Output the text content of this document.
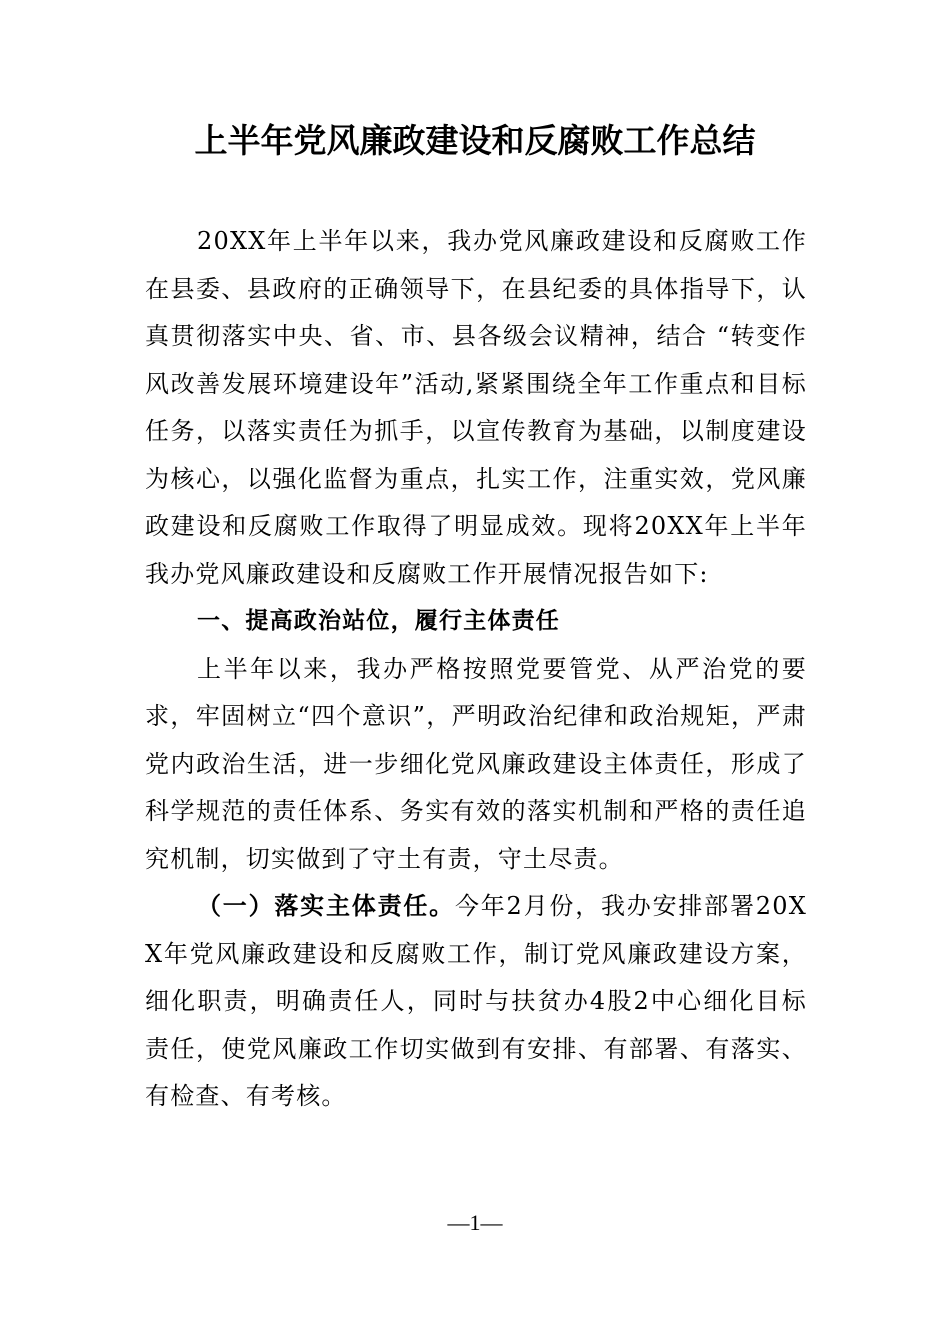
上半年党风廉政建设和反腐败工作总结

20XX年上半年以来，我办党风廉政建设和反腐败工作在县委、县政府的正确领导下，在县纪委的具体指导下，认真贯彻落实中央、省、市、县各级会议精神，结合 “转变作风改善发展环境建设年”活动,紧紧围绕全年工作重点和目标任务，以落实责任为抓手，以宣传教育为基础，以制度建设为核心，以强化监督为重点，扎实工作，注重实效，党风廉政建设和反腐败工作取得了明显成效。现将20XX年上半年我办党风廉政建设和反腐败工作开展情况报告如下:

一、提高政治站位，履行主体责任

上半年以来，我办严格按照党要管党、从严治党的要求，牢固树立“四个意识”，严明政治纪律和政治规矩，严肃党内政治生活，进一步细化党风廉政建设主体责任，形成了科学规范的责任体系、务实有效的落实机制和严格的责任追究机制，切实做到了守土有责，守土尽责。

（一）落实主体责任。今年2月份，我办安排部署20XX年党风廉政建设和反腐败工作，制订党风廉政建设方案，细化职责，明确责任人，同时与扶贫办4股2中心细化目标责任，使党风廉政工作切实做到有安排、有部署、有落实、有检查、有考核。

—1—
